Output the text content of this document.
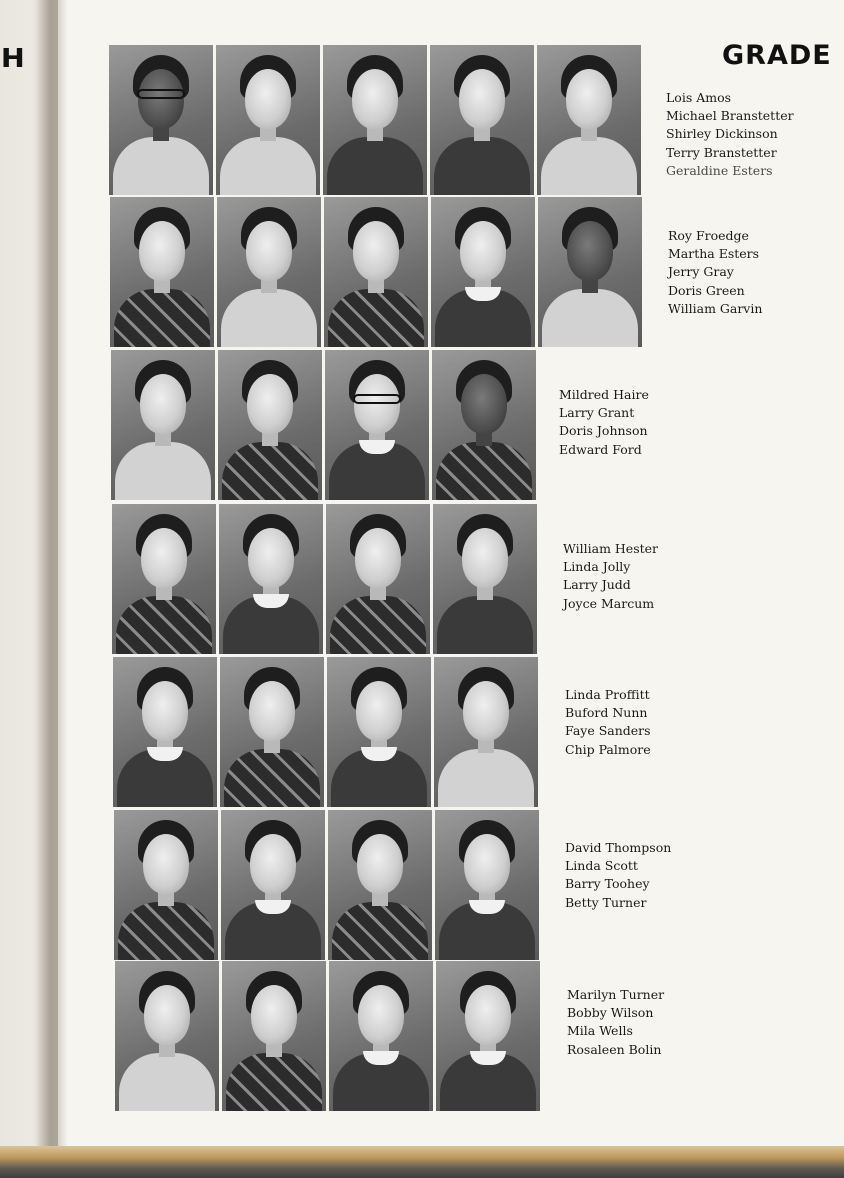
H	GRADE
Lois Amos
Michael Branstetter
Shirley Dickinson
Terry Branstetter
Geraldine Esters
Roy Froedge
Martha Esters
Jerry Gray
Doris Green
William Garvin
Mildred Haire
Larry Grant
Doris Johnson
Edward Ford
William Hester
Linda Jolly
Larry Judd
Joyce Marcum
Linda Proffitt
Buford Nunn
Faye Sanders
Chip Palmore
David Thompson
Linda Scott
Barry Toohey
Betty Turner
Marilyn Turner
Bobby Wilson
Mila Wells
Rosaleen Bolin
